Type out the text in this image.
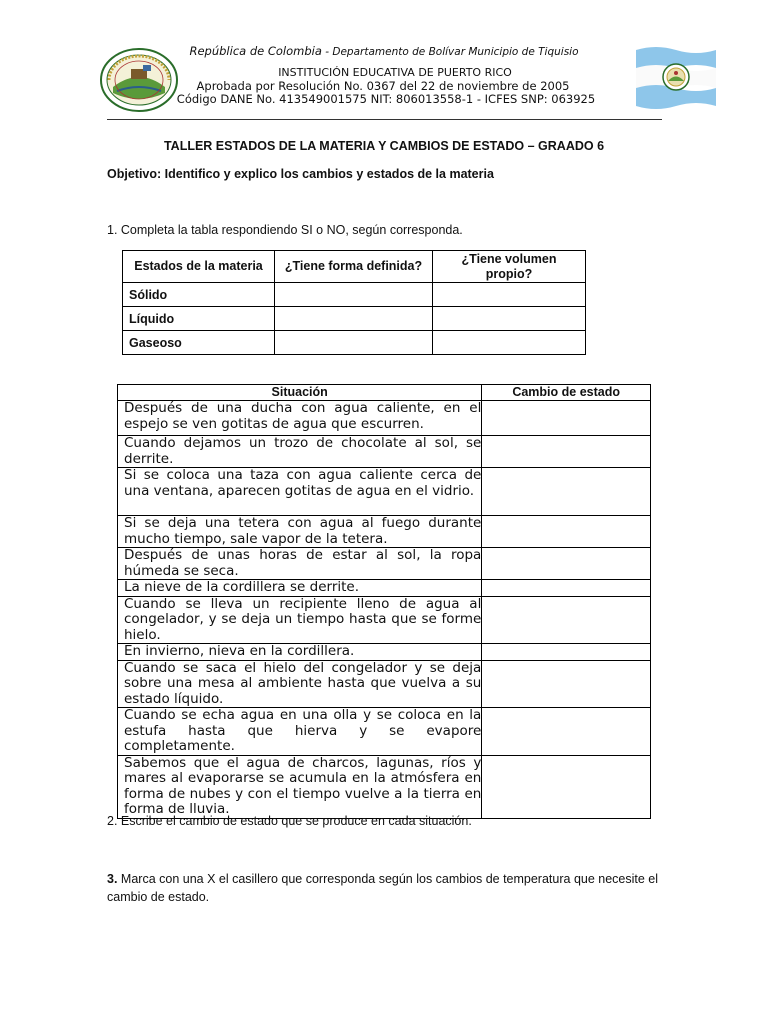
República de Colombia - Departamento de Bolívar Municipio de Tiquisio
INSTITUCIÓN EDUCATIVA DE PUERTO RICO
Aprobada por Resolución No. 0367 del 22 de noviembre de 2005
Código DANE No. 413549001575 NIT: 806013558-1 - ICFES SNP: 063925
TALLER ESTADOS DE LA MATERIA Y CAMBIOS DE ESTADO – GRAADO 6
Objetivo: Identifico y explico los cambios y estados de la materia
1. Completa la tabla respondiendo SI o NO, según corresponda.
Estados de la materia	¿Tiene forma definida?	¿Tiene volumen propio?
Sólido		
Líquido		
Gaseoso		
Situación	Cambio de estado
Después de una ducha con agua caliente, en el espejo se ven gotitas de agua que escurren.	
Cuando dejamos un trozo de chocolate al sol, se derrite.	
Si se coloca una taza con agua caliente cerca de una ventana, aparecen gotitas de agua en el vidrio.	
Si se deja una tetera con agua al fuego durante mucho tiempo, sale vapor de la tetera.	
Después de unas horas de estar al sol, la ropa húmeda se seca.	
La nieve de la cordillera se derrite.	
Cuando se lleva un recipiente lleno de agua al congelador, y se deja un tiempo hasta que se forme hielo.	
En invierno, nieva en la cordillera.	
Cuando se saca el hielo del congelador y se deja sobre una mesa al ambiente hasta que vuelva a su estado líquido.	
Cuando se echa agua en una olla y se coloca en la estufa hasta que hierva y se evapore completamente.	
Sabemos que el agua de charcos, lagunas, ríos y mares al evaporarse se acumula en la atmósfera en forma de nubes y con el tiempo vuelve a la tierra en forma de lluvia.	
2. Escribe el cambio de estado que se produce en cada situación.
3. Marca con una X el casillero que corresponda según los cambios de temperatura que necesite el cambio de estado.
